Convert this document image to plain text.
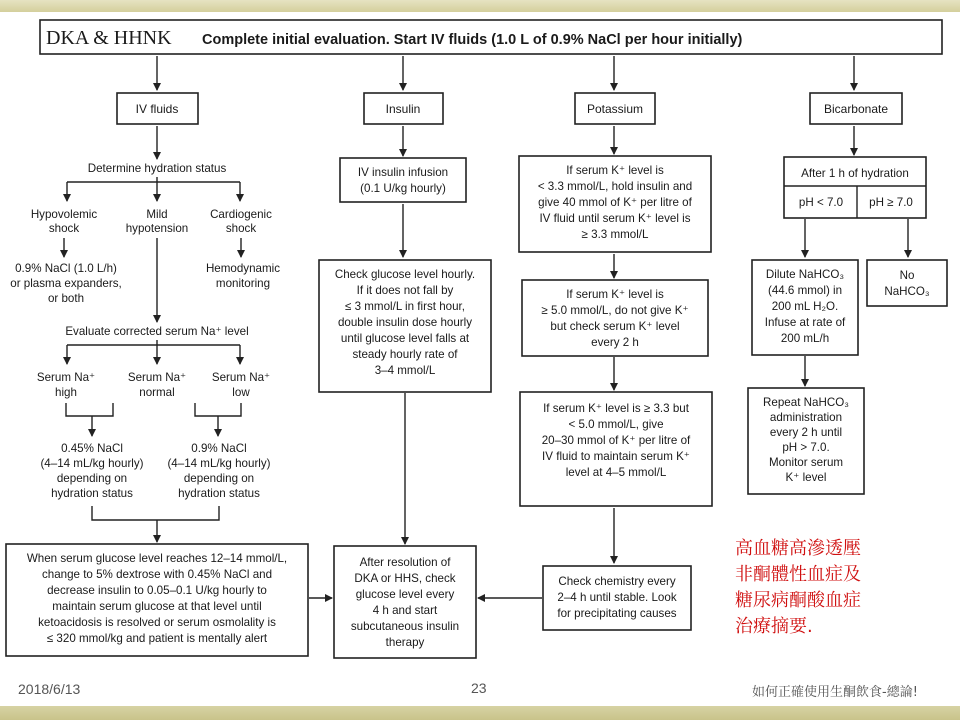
DKA & HHNK Complete initial evaluation. Start IV fluids (1.0 L of 0.9% NaCl per hour initially)
IV fluids	Insulin	Potassium	Bicarbonate
Determine hydration status
Hypovolemic
shock
Mild
hypotension
Cardiogenic
shock
0.9% NaCl (1.0 L/h)
or plasma expanders,
or both
Hemodynamic
monitoring
Evaluate corrected serum Na⁺ level
Serum Na⁺
high
Serum Na⁺
normal
Serum Na⁺
low
0.45% NaCl
(4–14 mL/kg hourly)
depending on
hydration status
0.9% NaCl
(4–14 mL/kg hourly)
depending on
hydration status
When serum glucose level reaches 12–14 mmol/L,
change to 5% dextrose with 0.45% NaCl and
decrease insulin to 0.05–0.1 U/kg hourly to
maintain serum glucose at that level until
ketoacidosis is resolved or serum osmolality is
≤ 320 mmol/kg and patient is mentally alert
IV insulin infusion
(0.1 U/kg hourly)
Check glucose level hourly.
If it does not fall by
≤ 3 mmol/L in first hour,
double insulin dose hourly
until glucose level falls at
steady hourly rate of
3–4 mmol/L
After resolution of
DKA or HHS, check
glucose level every
4 h and start
subcutaneous insulin
therapy
If serum K⁺ level is
< 3.3 mmol/L, hold insulin and
give 40 mmol of K⁺ per litre of
IV fluid until serum K⁺ level is
≥ 3.3 mmol/L
If serum K⁺ level is
≥ 5.0 mmol/L, do not give K⁺
but check serum K⁺ level
every 2 h
If serum K⁺ level is ≥ 3.3 but
< 5.0 mmol/L, give
20–30 mmol of K⁺ per litre of
IV fluid to maintain serum K⁺
level at 4–5 mmol/L
Check chemistry every
2–4 h until stable. Look
for precipitating causes
After 1 h of hydration
pH < 7.0 pH ≥ 7.0
Dilute NaHCO₃
(44.6 mmol) in
200 mL H₂O.
Infuse at rate of
200 mL/h
No
NaHCO₃
Repeat NaHCO₃
administration
every 2 h until
pH > 7.0.
Monitor serum
K⁺ level
高血糖高滲透壓
非酮體性血症及
糖尿病酮酸血症
治療摘要.
2018/6/13	23	如何正確使用生酮飲食-總論!
